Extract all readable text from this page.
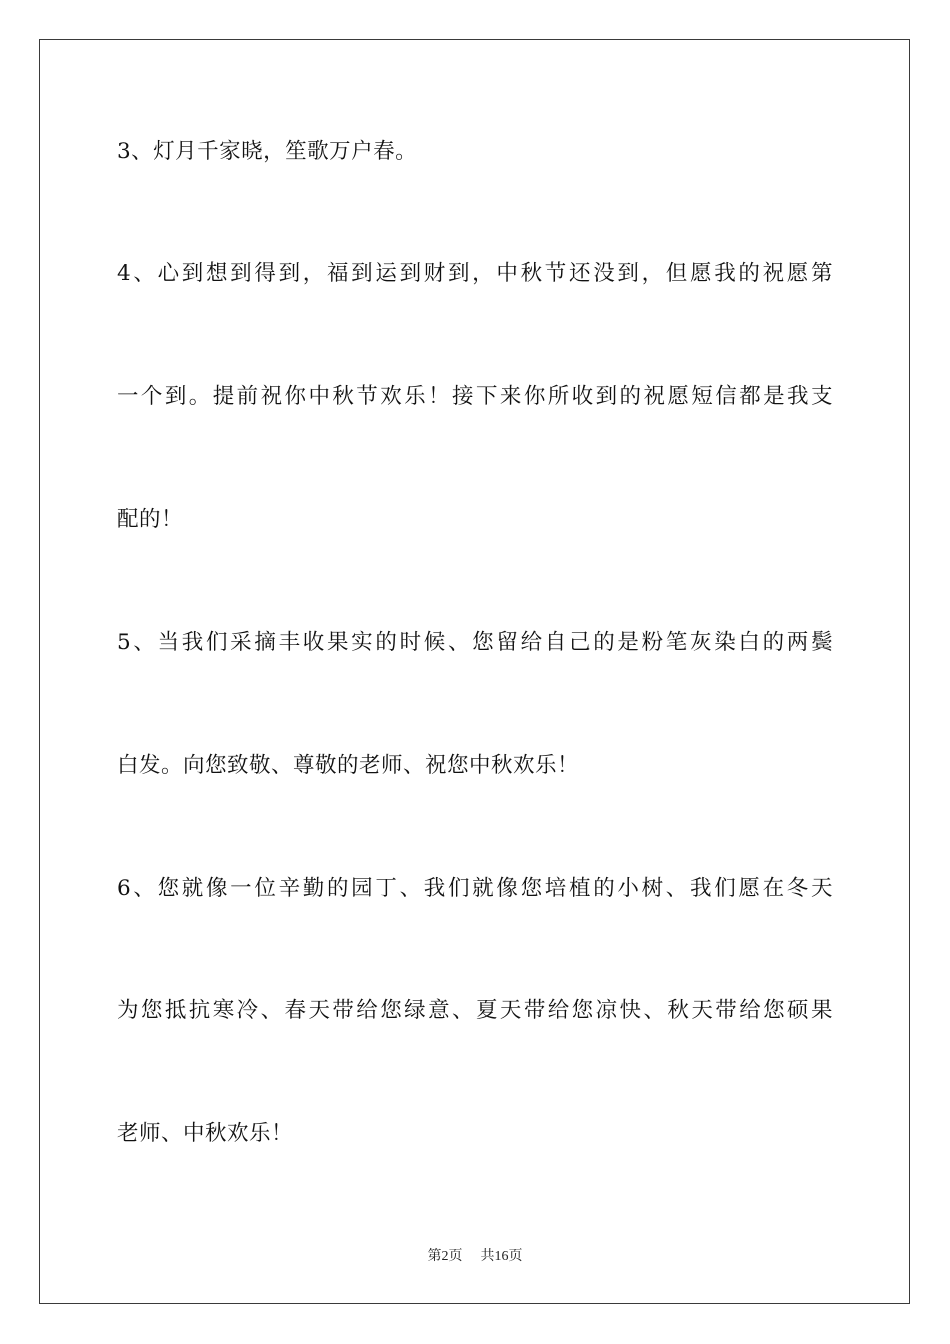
3、灯月千家晓，笙歌万户春。
4、心到想到得到，福到运到财到，中秋节还没到，但愿我的祝愿第
一个到。提前祝你中秋节欢乐！接下来你所收到的祝愿短信都是我支
配的！
5、当我们采摘丰收果实的时候、您留给自己的是粉笔灰染白的两鬓
白发。向您致敬、尊敬的老师、祝您中秋欢乐！
6、您就像一位辛勤的园丁、我们就像您培植的小树、我们愿在冬天
为您抵抗寒冷、春天带给您绿意、夏天带给您凉快、秋天带给您硕果
老师、中秋欢乐！
第2页 共16页
